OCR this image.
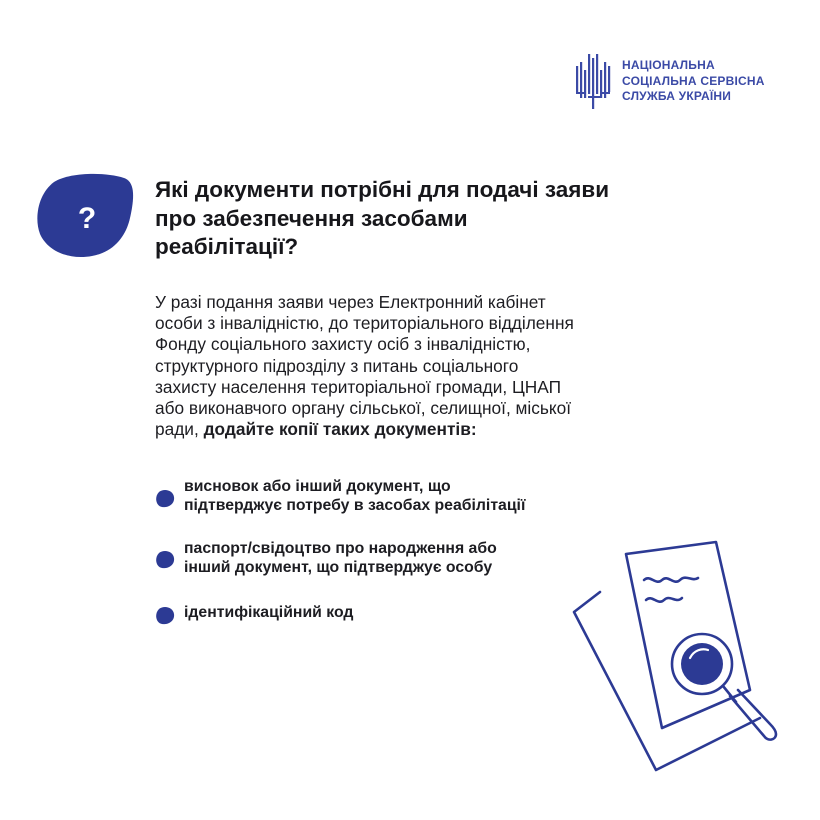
НАЦІОНАЛЬНА
СОЦІАЛЬНА СЕРВІСНА
СЛУЖБА УКРАЇНИ
?
Які документи потрібні для подачі заяви
про забезпечення засобами
реабілітації?
У разі подання заяви через Електронний кабінет
особи з інвалідністю, до територіального відділення
Фонду соціального захисту осіб з інвалідністю,
структурного підрозділу з питань соціального
захисту населення територіальної громади, ЦНАП
або виконавчого органу сільської, селищної, міської
ради, додайте копії таких документів:
висновок або інший документ, що
підтверджує потребу в засобах реабілітації
паспорт/свідоцтво про народження або
інший документ, що підтверджує особу
ідентифікаційний код
